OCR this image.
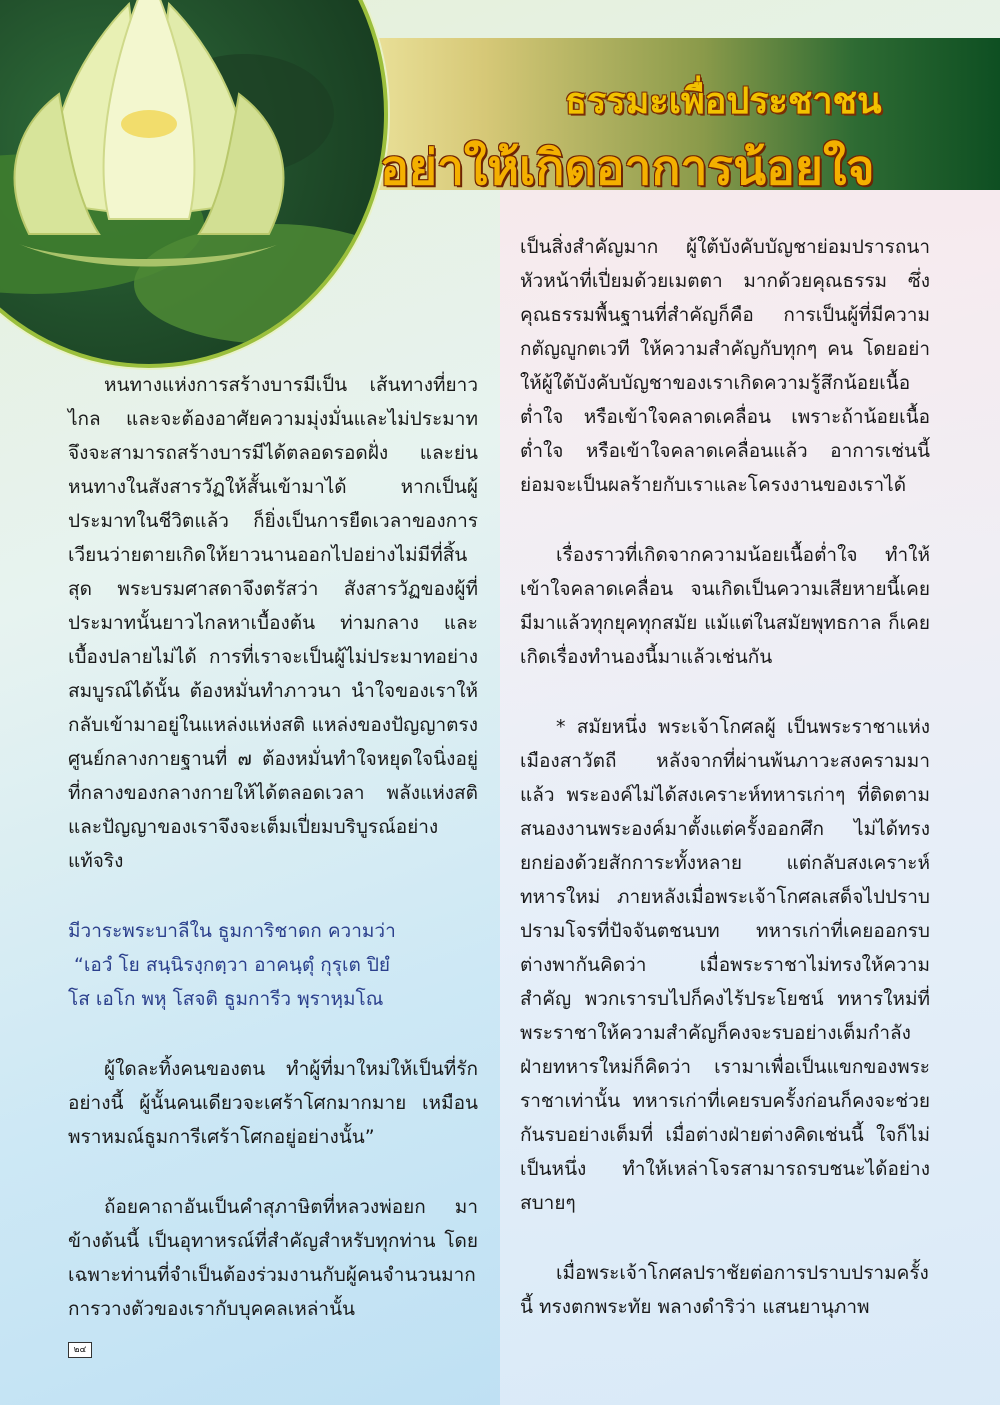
ธรรมะเพื่อประชาชน
อย่าให้เกิดอาการน้อยใจ

หนทางแห่งการสร้างบารมีเป็น เส้นทางที่ยาวไกล และจะต้องอาศัยความมุ่งมั่นและไม่ประมาท จึงจะสามารถสร้างบารมีได้ตลอดรอดฝั่ง และย่นหนทางในสังสารวัฏให้สั้นเข้ามาได้ หากเป็นผู้ประมาทในชีวิตแล้ว ก็ยิ่งเป็นการยืดเวลาของการเวียนว่ายตายเกิดให้ยาวนานออกไปอย่างไม่มีที่สิ้นสุด พระบรมศาสดาจึงตรัสว่า สังสารวัฏของผู้ที่ประมาทนั้นยาวไกลหาเบื้องต้น ท่ามกลาง และเบื้องปลายไม่ได้ การที่เราจะเป็นผู้ไม่ประมาทอย่างสมบูรณ์ได้นั้น ต้องหมั่นทำภาวนา นำใจของเราให้กลับเข้ามาอยู่ในแหล่งแห่งสติ แหล่งของปัญญาตรง ศูนย์กลางกายฐานที่ ๗ ต้องหมั่นทำใจหยุดใจนิ่งอยู่ที่กลางของกลางกายให้ได้ตลอดเวลา พลังแห่งสติและปัญญาของเราจึงจะเต็มเปี่ยมบริบูรณ์อย่างแท้จริง

มีวาระพระบาลีใน ธูมการิชาดก ความว่า
“เอวํ โย สนฺนิรงฺกตฺวา อาคนฺตุํ กุรุเต ปิยํ
โส เอโก พหุ โสจติ ธูมการีว พฺราหฺมโณ

ผู้ใดละทิ้งคนของตน ทำผู้ที่มาใหม่ให้เป็นที่รักอย่างนี้ ผู้นั้นคนเดียวจะเศร้าโศกมากมาย เหมือน พราหมณ์ธูมการีเศร้าโศกอยู่อย่างนั้น”

ถ้อยคาถาอันเป็นคำสุภาษิตที่หลวงพ่อยก มาข้างต้นนี้ เป็นอุทาหรณ์ที่สำคัญสำหรับทุกท่าน โดยเฉพาะท่านที่จำเป็นต้องร่วมงานกับผู้คนจำนวนมาก การวางตัวของเรากับบุคคลเหล่านั้น

เป็นสิ่งสำคัญมาก ผู้ใต้บังคับบัญชาย่อมปรารถนาหัวหน้าที่เปี่ยมด้วยเมตตา มากด้วยคุณธรรม ซึ่งคุณธรรมพื้นฐานที่สำคัญก็คือ การเป็นผู้ที่มีความกตัญญูกตเวที ให้ความสำคัญกับทุกๆ คน โดยอย่าให้ผู้ใต้บังคับบัญชาของเราเกิดความรู้สึกน้อยเนื้อต่ำใจ หรือเข้าใจคลาดเคลื่อน เพราะถ้าน้อยเนื้อต่ำใจ หรือเข้าใจคลาดเคลื่อนแล้ว อาการเช่นนี้ย่อมจะเป็นผลร้ายกับเราและโครงงานของเราได้

เรื่องราวที่เกิดจากความน้อยเนื้อต่ำใจ ทำให้เข้าใจคลาดเคลื่อน จนเกิดเป็นความเสียหายนี้เคยมีมาแล้วทุกยุคทุกสมัย แม้แต่ในสมัยพุทธกาล ก็เคยเกิดเรื่องทำนองนี้มาแล้วเช่นกัน

* สมัยหนึ่ง พระเจ้าโกศลผู้ เป็นพระราชาแห่งเมืองสาวัตถี หลังจากที่ผ่านพ้นภาวะสงครามมาแล้ว พระองค์ไม่ได้สงเคราะห์ทหารเก่าๆ ที่ติดตามสนองงานพระองค์มาตั้งแต่ครั้งออกศึก ไม่ได้ทรงยกย่องด้วยสักการะทั้งหลาย แต่กลับสงเคราะห์ทหารใหม่ ภายหลังเมื่อพระเจ้าโกศลเสด็จไปปราบปรามโจรที่ปัจจันตชนบท ทหารเก่าที่เคยออกรบต่างพากันคิดว่า เมื่อพระราชาไม่ทรงให้ความสำคัญ พวกเรารบไปก็คงไร้ประโยชน์ ทหารใหม่ที่พระราชาให้ความสำคัญก็คงจะรบอย่างเต็มกำลัง ฝ่ายทหารใหม่ก็คิดว่า เรามาเพื่อเป็นแขกของพระราชาเท่านั้น ทหารเก่าที่เคยรบครั้งก่อนก็คงจะช่วยกันรบอย่างเต็มที่ เมื่อต่างฝ่ายต่างคิดเช่นนี้ ใจก็ไม่เป็นหนึ่ง ทำให้เหล่าโจรสามารถรบชนะได้อย่างสบายๆ

เมื่อพระเจ้าโกศลปราชัยต่อการปราบปรามครั้งนี้ ทรงตกพระทัย พลางดำริว่า แสนยานุภาพ

๒๔
